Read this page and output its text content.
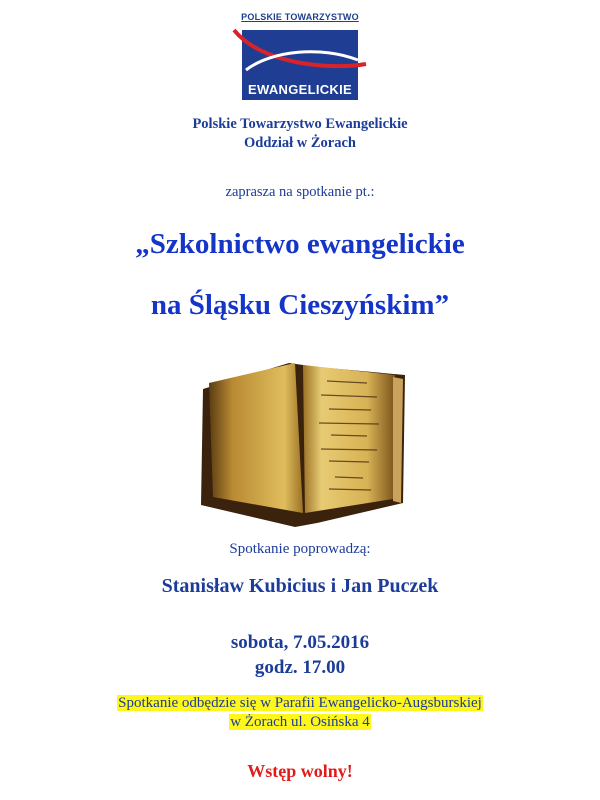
POLSKIE TOWARZYSTWO
EWANGELICKIE
Polskie Towarzystwo Ewangelickie
Oddział w Żorach
zaprasza na spotkanie pt.:
„Szkolnictwo ewangelickie
na Śląsku Cieszyńskim”
Spotkanie poprowadzą:
Stanisław Kubicius i Jan Puczek
sobota, 7.05.2016
godz. 17.00
Spotkanie odbędzie się w Parafii Ewangelicko-Augsburskiej
w Żorach ul. Osińska 4
Wstęp wolny!
